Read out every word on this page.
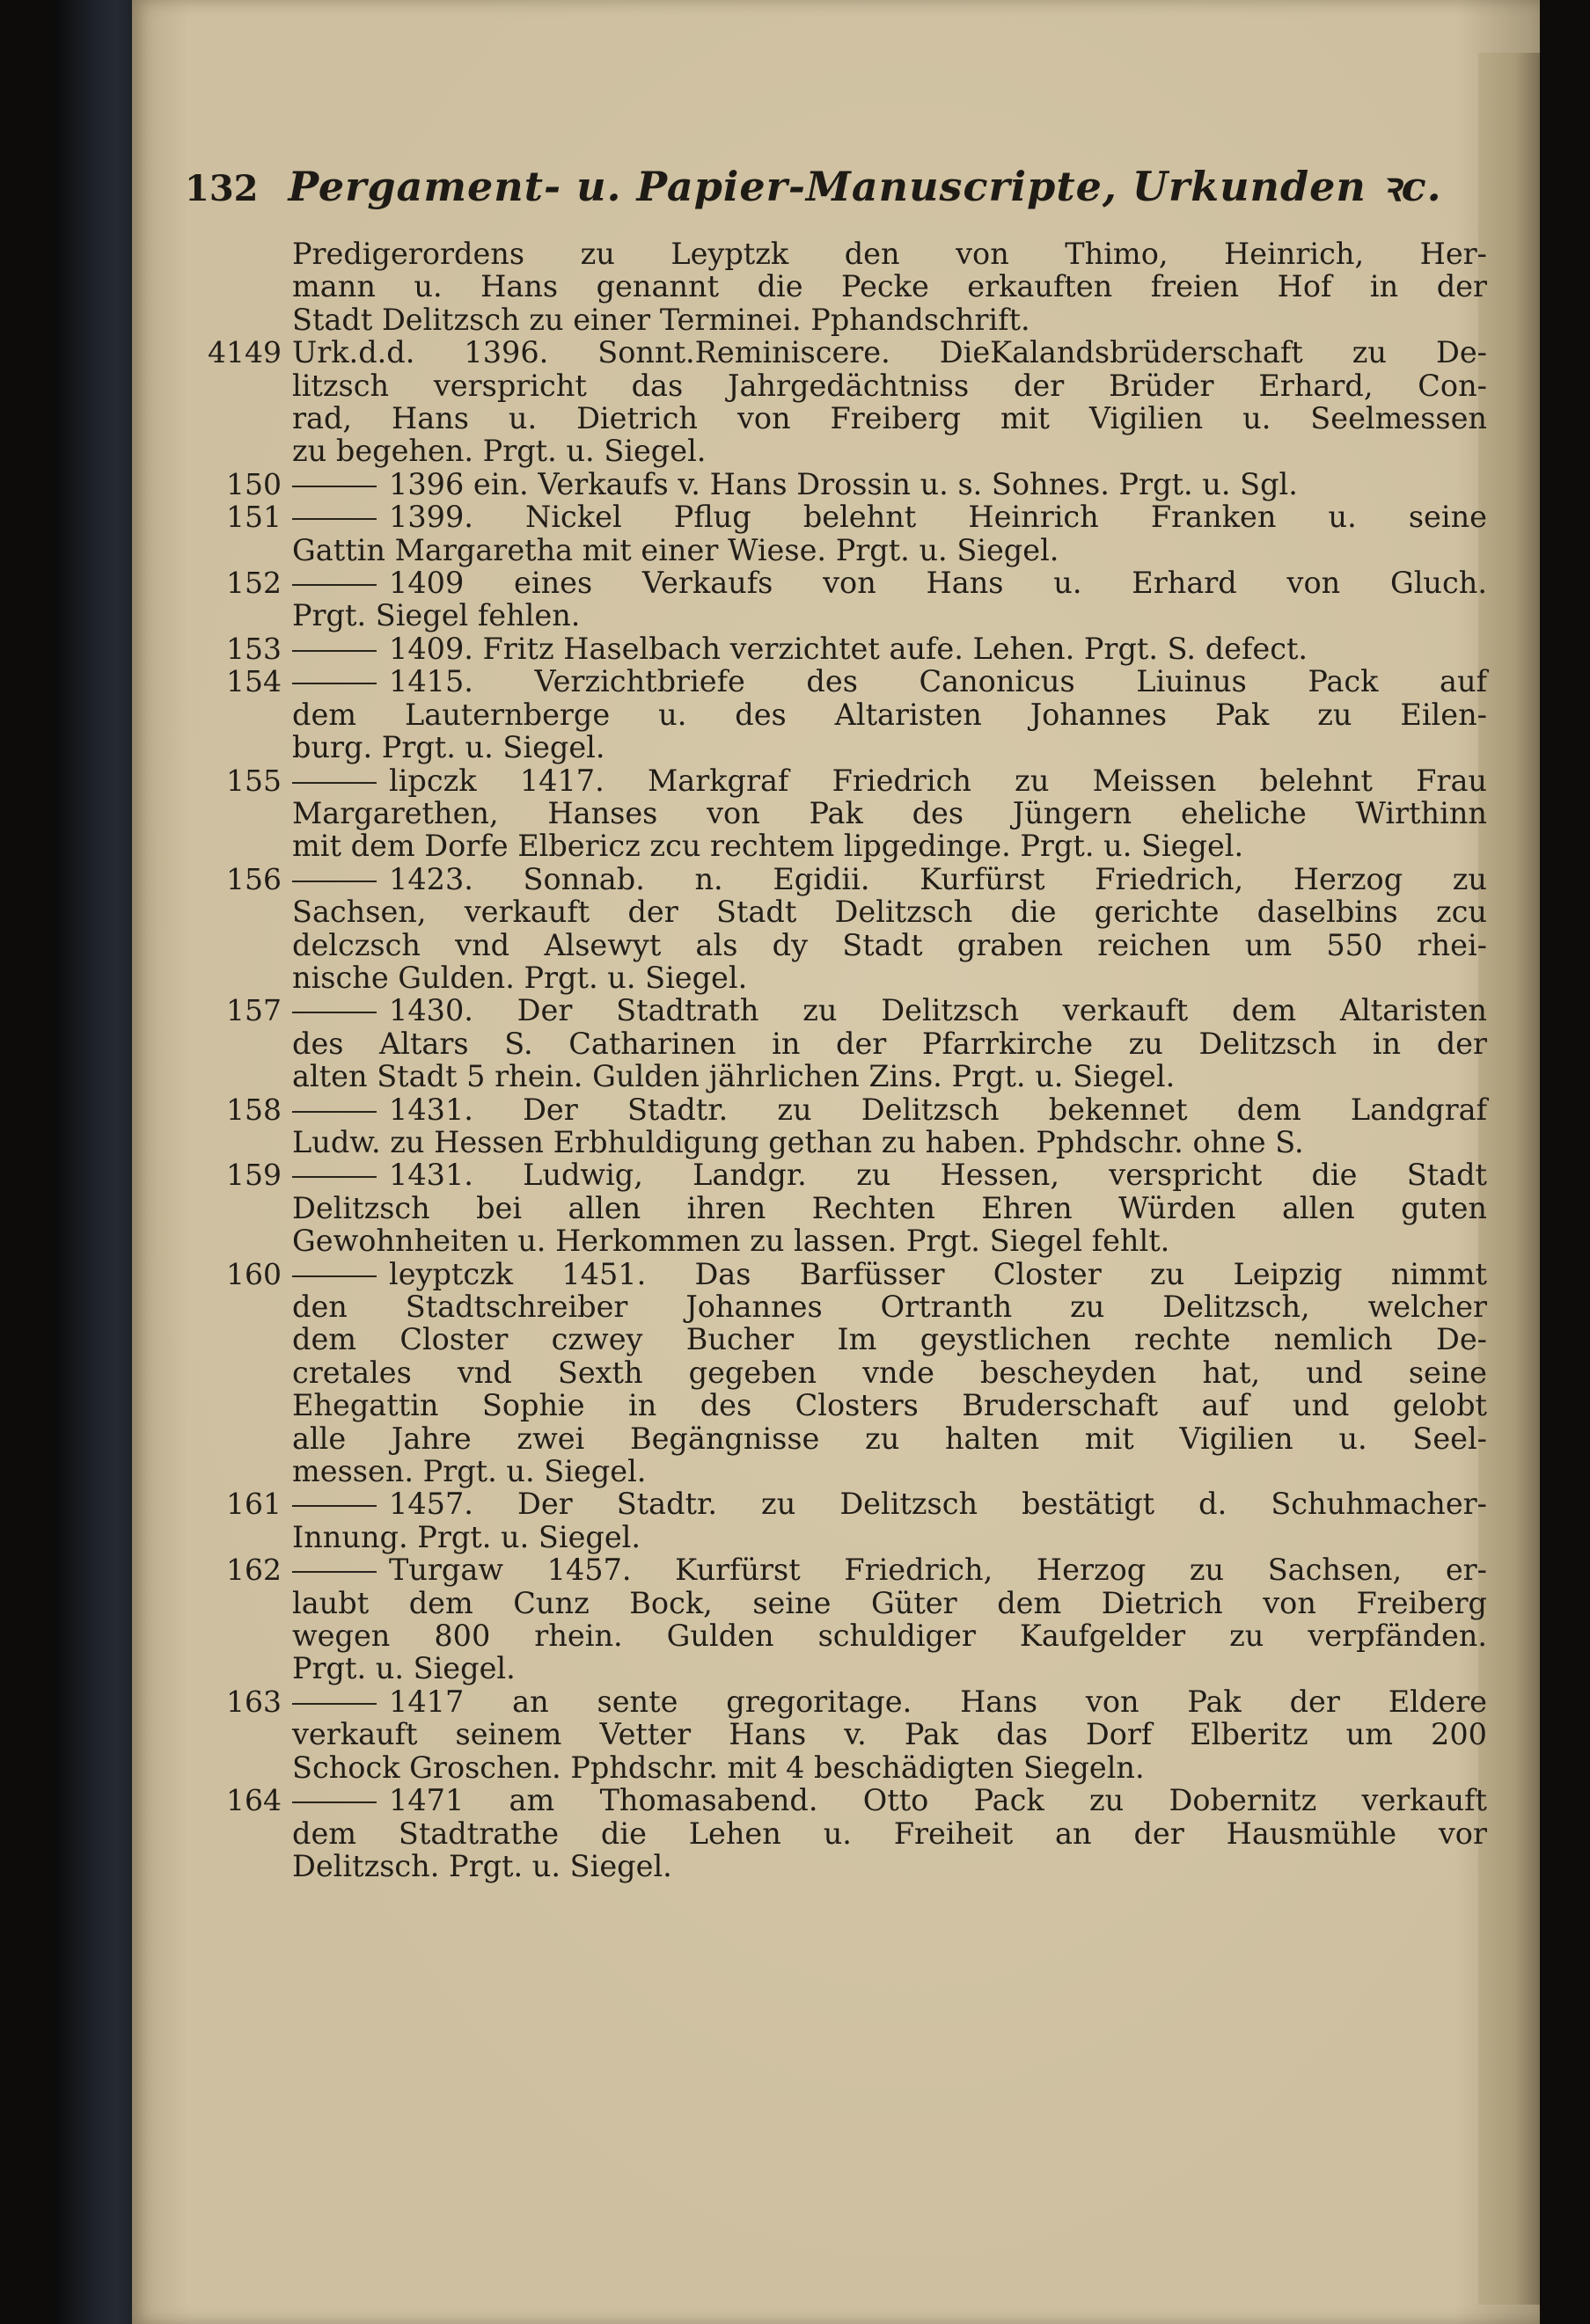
132 Pergament- u. Papier-Manuscripte, Urkunden ꝛc.
Predigerordens zu Leyptzk den von Thimo, Heinrich, Her-
mann u. Hans genannt die Pecke erkauften freien Hof in der
Stadt Delitzsch zu einer Terminei. Pphandschrift.
4149 Urk.d.d. 1396. Sonnt.Reminiscere. DieKalandsbrüderschaft zu De-
litzsch verspricht das Jahrgedächtniss der Brüder Erhard, Con-
rad, Hans u. Dietrich von Freiberg mit Vigilien u. Seelmessen
zu begehen. Prgt. u. Siegel.
150	1396 ein. Verkaufs v. Hans Drossin u. s. Sohnes. Prgt. u. Sgl.
151	1399. Nickel Pflug belehnt Heinrich Franken u. seine
Gattin Margaretha mit einer Wiese. Prgt. u. Siegel.
152	1409 eines Verkaufs von Hans u. Erhard von Gluch.
Prgt. Siegel fehlen.
153	1409. Fritz Haselbach verzichtet aufe. Lehen. Prgt. S. defect.
154	1415. Verzichtbriefe des Canonicus Liuinus Pack auf
dem Lauternberge u. des Altaristen Johannes Pak zu Eilen-
burg. Prgt. u. Siegel.
155	lipczk 1417. Markgraf Friedrich zu Meissen belehnt Frau
Margarethen, Hanses von Pak des Jüngern eheliche Wirthinn
mit dem Dorfe Elbericz zcu rechtem lipgedinge. Prgt. u. Siegel.
156	1423. Sonnab. n. Egidii. Kurfürst Friedrich, Herzog zu
Sachsen, verkauft der Stadt Delitzsch die gerichte daselbins zcu
delczsch vnd Alsewyt als dy Stadt graben reichen um 550 rhei-
nische Gulden. Prgt. u. Siegel.
157	1430. Der Stadtrath zu Delitzsch verkauft dem Altaristen
des Altars S. Catharinen in der Pfarrkirche zu Delitzsch in der
alten Stadt 5 rhein. Gulden jährlichen Zins. Prgt. u. Siegel.
158	1431. Der Stadtr. zu Delitzsch bekennet dem Landgraf
Ludw. zu Hessen Erbhuldigung gethan zu haben. Pphdschr. ohne S.
159	1431. Ludwig, Landgr. zu Hessen, verspricht die Stadt
Delitzsch bei allen ihren Rechten Ehren Würden allen guten
Gewohnheiten u. Herkommen zu lassen. Prgt. Siegel fehlt.
160	leyptczk 1451. Das Barfüsser Closter zu Leipzig nimmt
den Stadtschreiber Johannes Ortranth zu Delitzsch, welcher
dem Closter czwey Bucher Im geystlichen rechte nemlich De-
cretales vnd Sexth gegeben vnde bescheyden hat, und seine
Ehegattin Sophie in des Closters Bruderschaft auf und gelobt
alle Jahre zwei Begängnisse zu halten mit Vigilien u. Seel-
messen. Prgt. u. Siegel.
161	1457. Der Stadtr. zu Delitzsch bestätigt d. Schuhmacher-
Innung. Prgt. u. Siegel.
162	Turgaw 1457. Kurfürst Friedrich, Herzog zu Sachsen, er-
laubt dem Cunz Bock, seine Güter dem Dietrich von Freiberg
wegen 800 rhein. Gulden schuldiger Kaufgelder zu verpfänden.
Prgt. u. Siegel.
163	1417 an sente gregoritage. Hans von Pak der Eldere
verkauft seinem Vetter Hans v. Pak das Dorf Elberitz um 200
Schock Groschen. Pphdschr. mit 4 beschädigten Siegeln.
164	1471 am Thomasabend. Otto Pack zu Dobernitz verkauft
dem Stadtrathe die Lehen u. Freiheit an der Hausmühle vor
Delitzsch. Prgt. u. Siegel.
